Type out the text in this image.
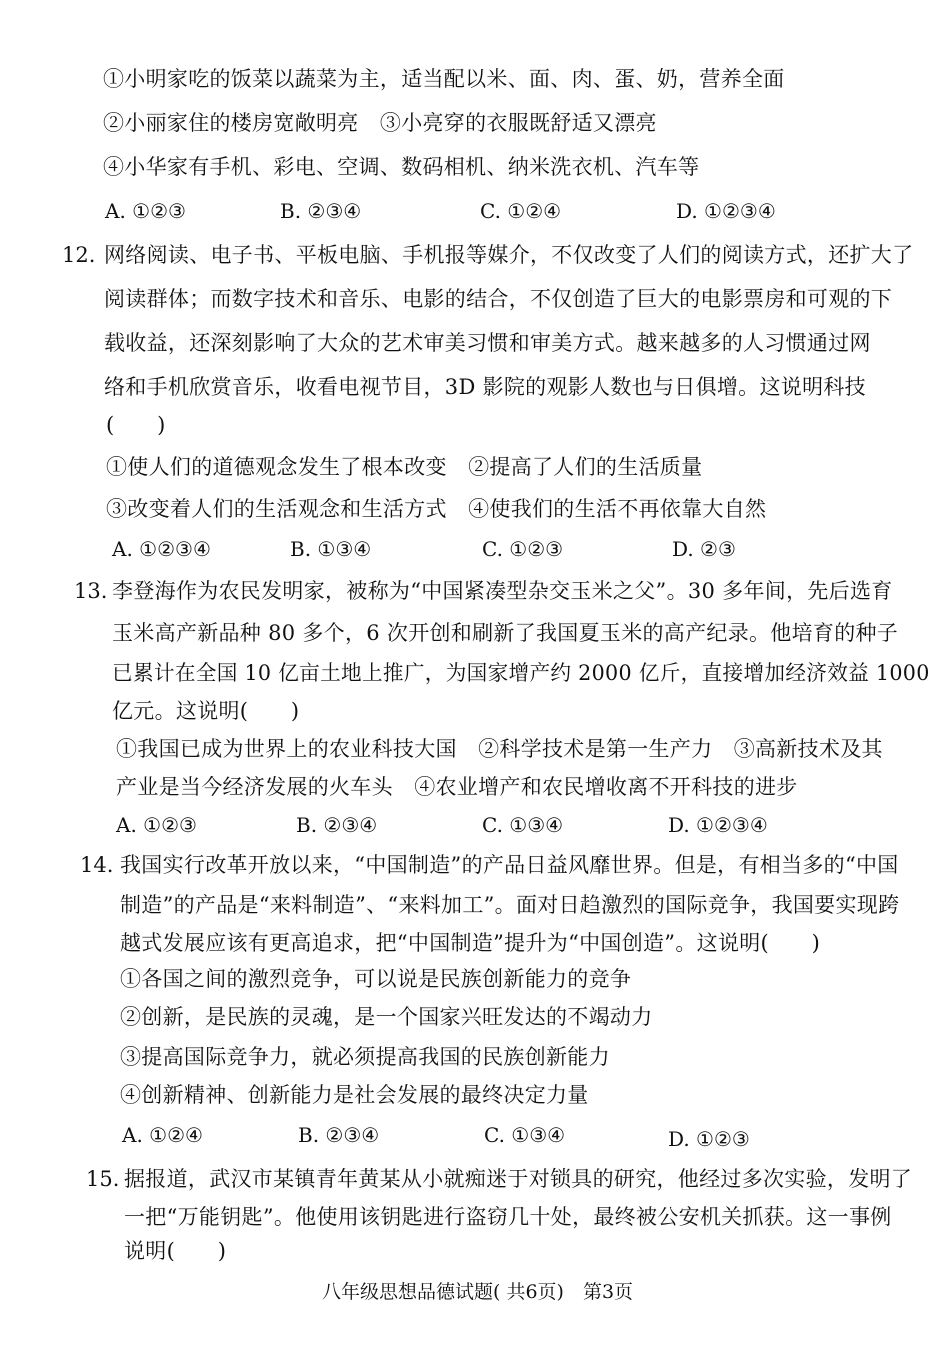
①小明家吃的饭菜以蔬菜为主，适当配以米、面、肉、蛋、奶，营养全面
②小丽家住的楼房宽敞明亮　③小亮穿的衣服既舒适又漂亮
④小华家有手机、彩电、空调、数码相机、纳米洗衣机、汽车等
A. ①②③	B. ②③④	C. ①②④	D. ①②③④
12. 网络阅读、电子书、平板电脑、手机报等媒介，不仅改变了人们的阅读方式，还扩大了
阅读群体；而数字技术和音乐、电影的结合，不仅创造了巨大的电影票房和可观的下
载收益，还深刻影响了大众的艺术审美习惯和审美方式。越来越多的人习惯通过网
络和手机欣赏音乐，收看电视节目，3D 影院的观影人数也与日俱增。这说明科技
(　　)
①使人们的道德观念发生了根本改变　②提高了人们的生活质量
③改变着人们的生活观念和生活方式　④使我们的生活不再依靠大自然
A. ①②③④	B. ①③④	C. ①②③	D. ②③
13. 李登海作为农民发明家，被称为“中国紧凑型杂交玉米之父”。30 多年间，先后选育
玉米高产新品种 80 多个，6 次开创和刷新了我国夏玉米的高产纪录。他培育的种子
已累计在全国 10 亿亩土地上推广，为国家增产约 2000 亿斤，直接增加经济效益 1000
亿元。这说明(　　)
①我国已成为世界上的农业科技大国　②科学技术是第一生产力　③高新技术及其
产业是当今经济发展的火车头　④农业增产和农民增收离不开科技的进步
A. ①②③	B. ②③④	C. ①③④	D. ①②③④
14. 我国实行改革开放以来，“中国制造”的产品日益风靡世界。但是，有相当多的“中国
制造”的产品是“来料制造”、“来料加工”。面对日趋激烈的国际竞争，我国要实现跨
越式发展应该有更高追求，把“中国制造”提升为“中国创造”。这说明(　　)
①各国之间的激烈竞争，可以说是民族创新能力的竞争
②创新，是民族的灵魂，是一个国家兴旺发达的不竭动力
③提高国际竞争力，就必须提高我国的民族创新能力
④创新精神、创新能力是社会发展的最终决定力量
A. ①②④	B. ②③④	C. ①③④	D. ①②③
15. 据报道，武汉市某镇青年黄某从小就痴迷于对锁具的研究，他经过多次实验，发明了
一把“万能钥匙”。他使用该钥匙进行盗窃几十处，最终被公安机关抓获。这一事例
说明(　　)
八年级思想品德试题( 共6页)　第3页
